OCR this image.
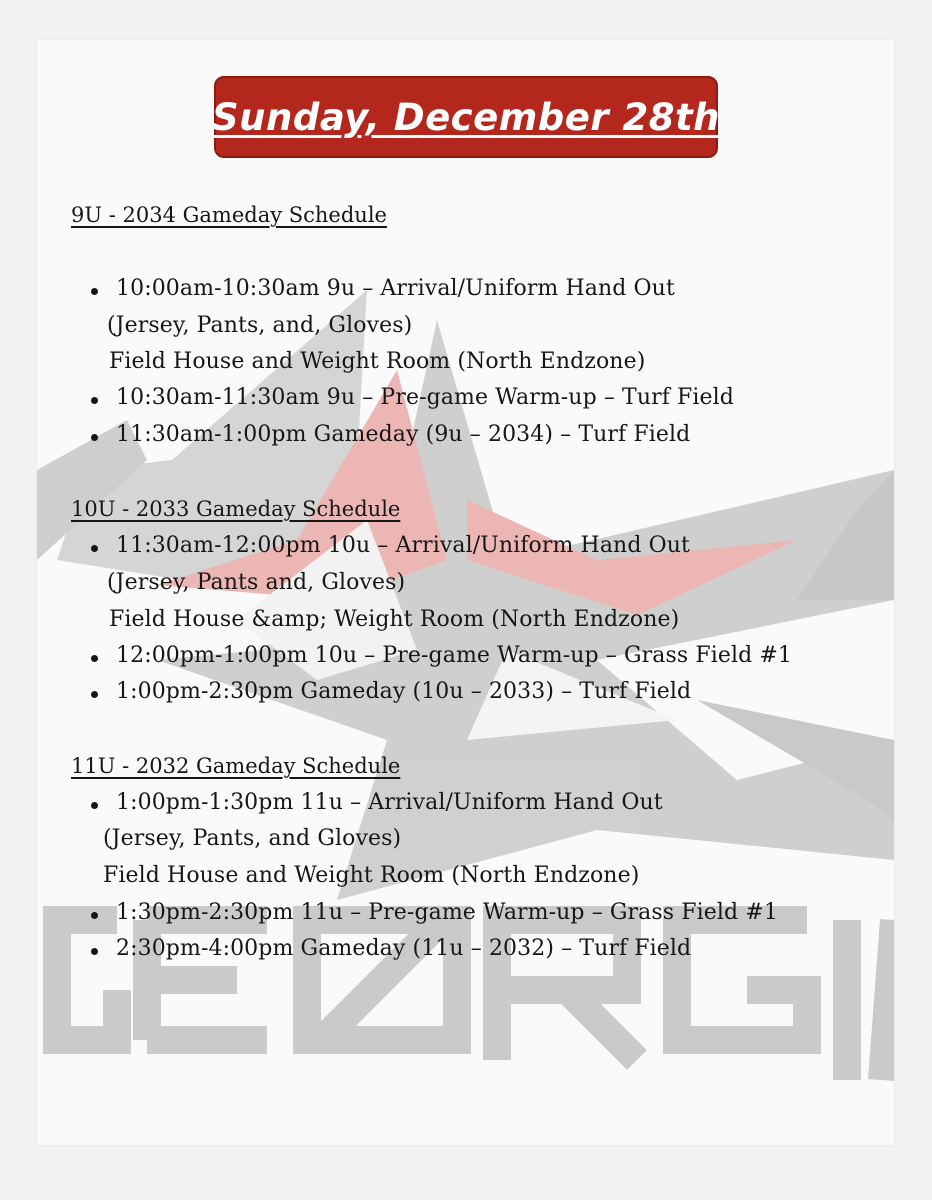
Sunday, December 28th
9U - 2034 Gameday Schedule
10:00am-10:30am 9u – Arrival/Uniform Hand Out
(Jersey, Pants, and, Gloves)
Field House and Weight Room (North Endzone)
10:30am-11:30am 9u – Pre-game Warm-up – Turf Field
11:30am-1:00pm Gameday (9u – 2034) – Turf Field
10U - 2033 Gameday Schedule
11:30am-12:00pm 10u – Arrival/Uniform Hand Out
(Jersey, Pants and, Gloves)
Field House &amp; Weight Room (North Endzone)
12:00pm-1:00pm 10u – Pre-game Warm-up – Grass Field #1
1:00pm-2:30pm Gameday (10u – 2033) – Turf Field
11U - 2032 Gameday Schedule
1:00pm-1:30pm 11u – Arrival/Uniform Hand Out
(Jersey, Pants, and Gloves)
Field House and Weight Room (North Endzone)
1:30pm-2:30pm 11u – Pre-game Warm-up – Grass Field #1
2:30pm-4:00pm Gameday (11u – 2032) – Turf Field
